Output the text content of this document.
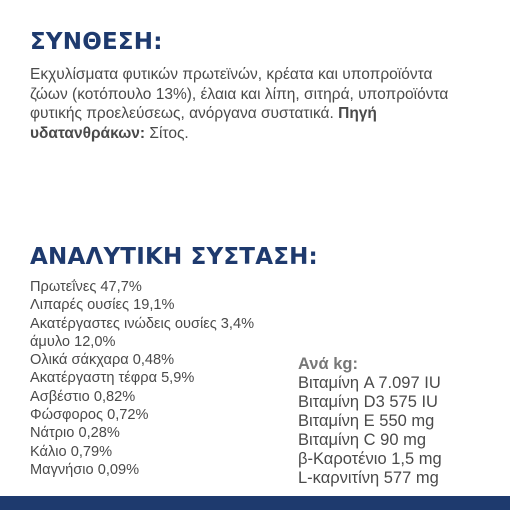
ΣΥΝΘΕΣΗ:

Εκχυλίσματα φυτικών πρωτεϊνών, κρέατα και υποπροϊόντα ζώων (κοτόπουλο 13%), έλαια και λίπη, σιτηρά, υποπροϊόντα φυτικής προελεύσεως, ανόργανα συστατικά. Πηγή υδατανθράκων: Σίτος.

ΑΝΑΛΥΤΙΚΗ ΣΥΣΤΑΣΗ:
Πρωτεΐνες 47,7%
Λιπαρές ουσίες 19,1%
Ακατέργαστες ινώδεις ουσίες 3,4%
άμυλο 12,0%
Ολικά σάκχαρα 0,48%
Ακατέργαστη τέφρα 5,9%
Ασβέστιο 0,82%
Φώσφορος 0,72%
Νάτριο 0,28%
Κάλιο 0,79%
Μαγνήσιο 0,09%
Ανά kg:
Βιταμίνη A 7.097 IU
Βιταμίνη D3 575 IU
Βιταμίνη E 550 mg
Βιταμίνη C 90 mg
β-Καροτένιο 1,5 mg
L-καρνιτίνη 577 mg
